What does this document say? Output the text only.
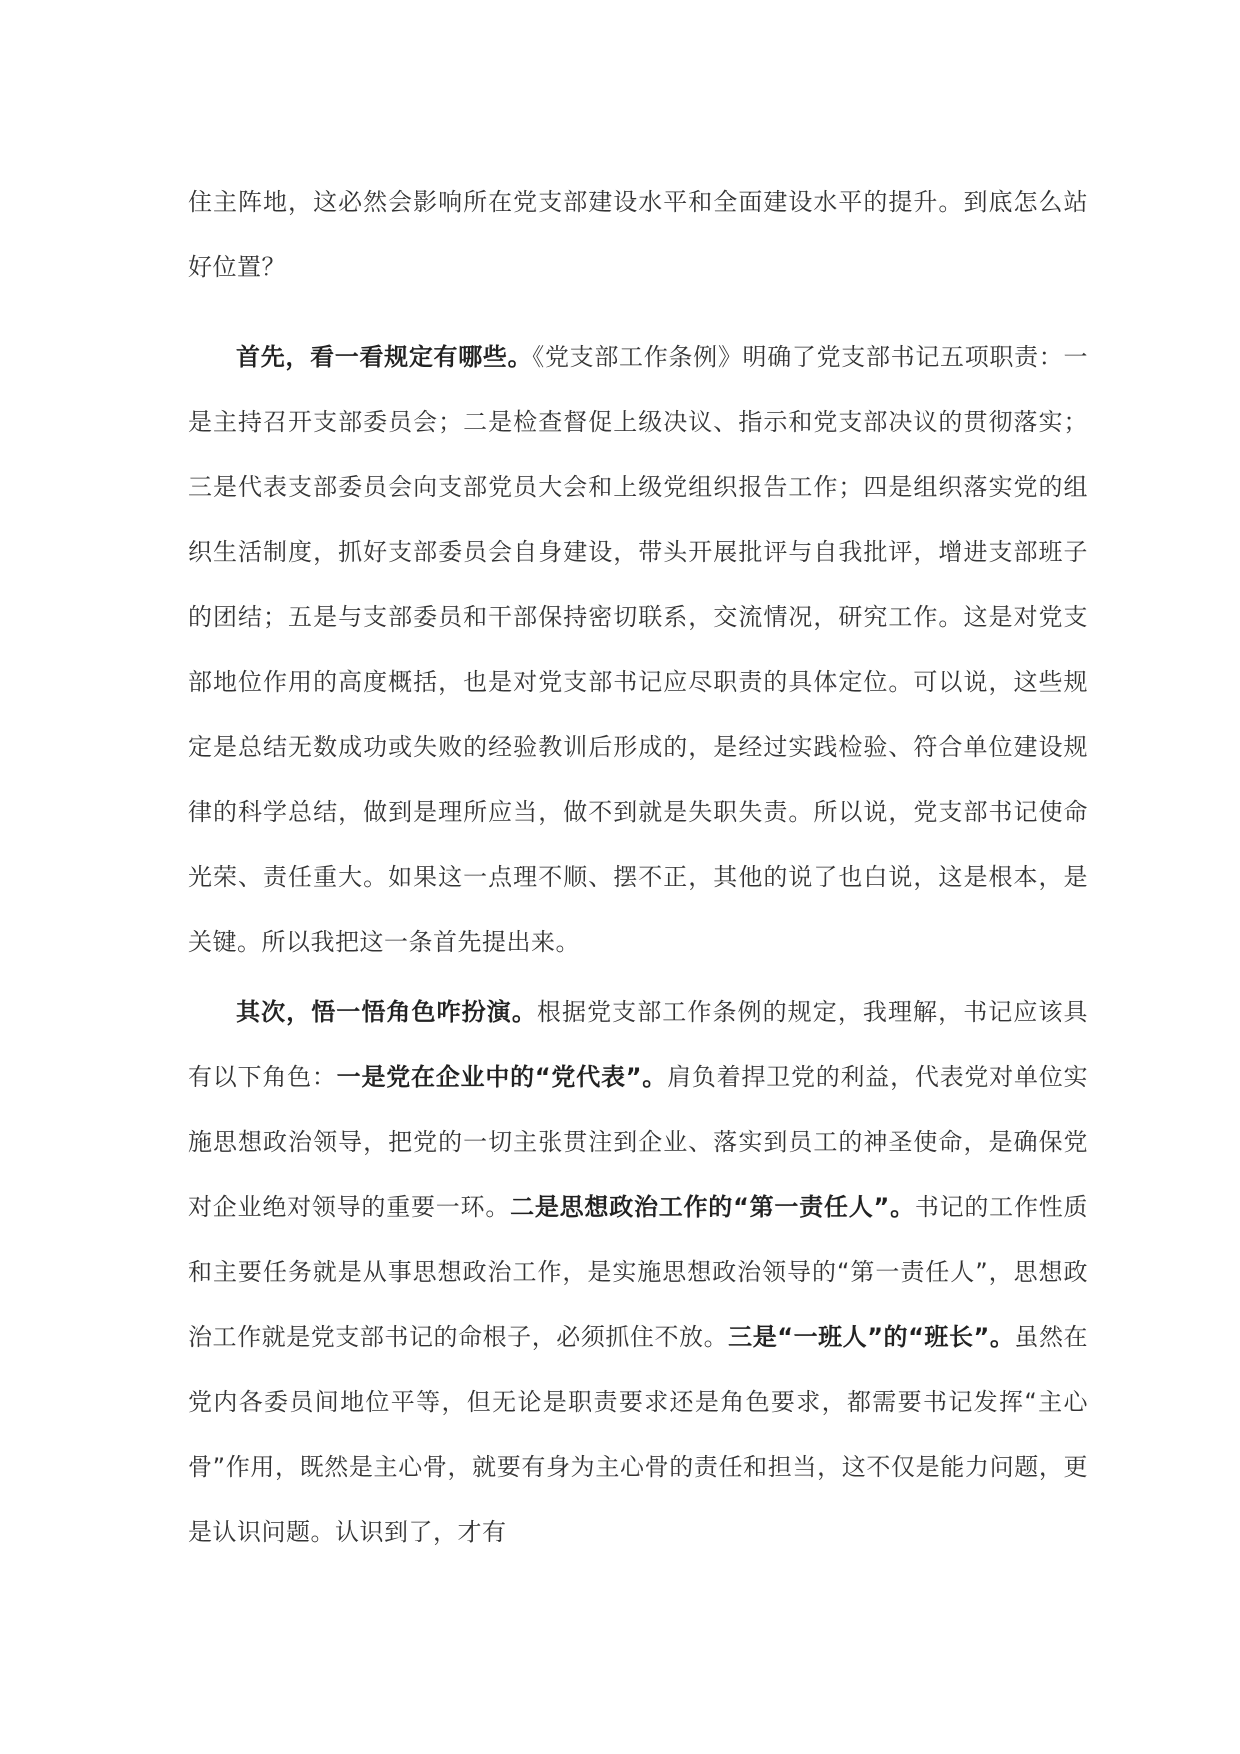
住主阵地，这必然会影响所在党支部建设水平和全面建设水平的提升。到底怎么站好位置？

首先，看一看规定有哪些。《党支部工作条例》明确了党支部书记五项职责：一是主持召开支部委员会；二是检查督促上级决议、指示和党支部决议的贯彻落实；三是代表支部委员会向支部党员大会和上级党组织报告工作；四是组织落实党的组织生活制度，抓好支部委员会自身建设，带头开展批评与自我批评，增进支部班子的团结；五是与支部委员和干部保持密切联系，交流情况，研究工作。这是对党支部地位作用的高度概括，也是对党支部书记应尽职责的具体定位。可以说，这些规定是总结无数成功或失败的经验教训后形成的，是经过实践检验、符合单位建设规律的科学总结，做到是理所应当，做不到就是失职失责。所以说，党支部书记使命光荣、责任重大。如果这一点理不顺、摆不正，其他的说了也白说，这是根本，是关键。所以我把这一条首先提出来。

其次，悟一悟角色咋扮演。根据党支部工作条例的规定，我理解，书记应该具有以下角色：一是党在企业中的“党代表”。肩负着捍卫党的利益，代表党对单位实施思想政治领导，把党的一切主张贯注到企业、落实到员工的神圣使命，是确保党对企业绝对领导的重要一环。二是思想政治工作的“第一责任人”。书记的工作性质和主要任务就是从事思想政治工作，是实施思想政治领导的“第一责任人”，思想政治工作就是党支部书记的命根子，必须抓住不放。三是“一班人”的“班长”。虽然在党内各委员间地位平等，但无论是职责要求还是角色要求，都需要书记发挥“主心骨”作用，既然是主心骨，就要有身为主心骨的责任和担当，这不仅是能力问题，更是认识问题。认识到了，才有
